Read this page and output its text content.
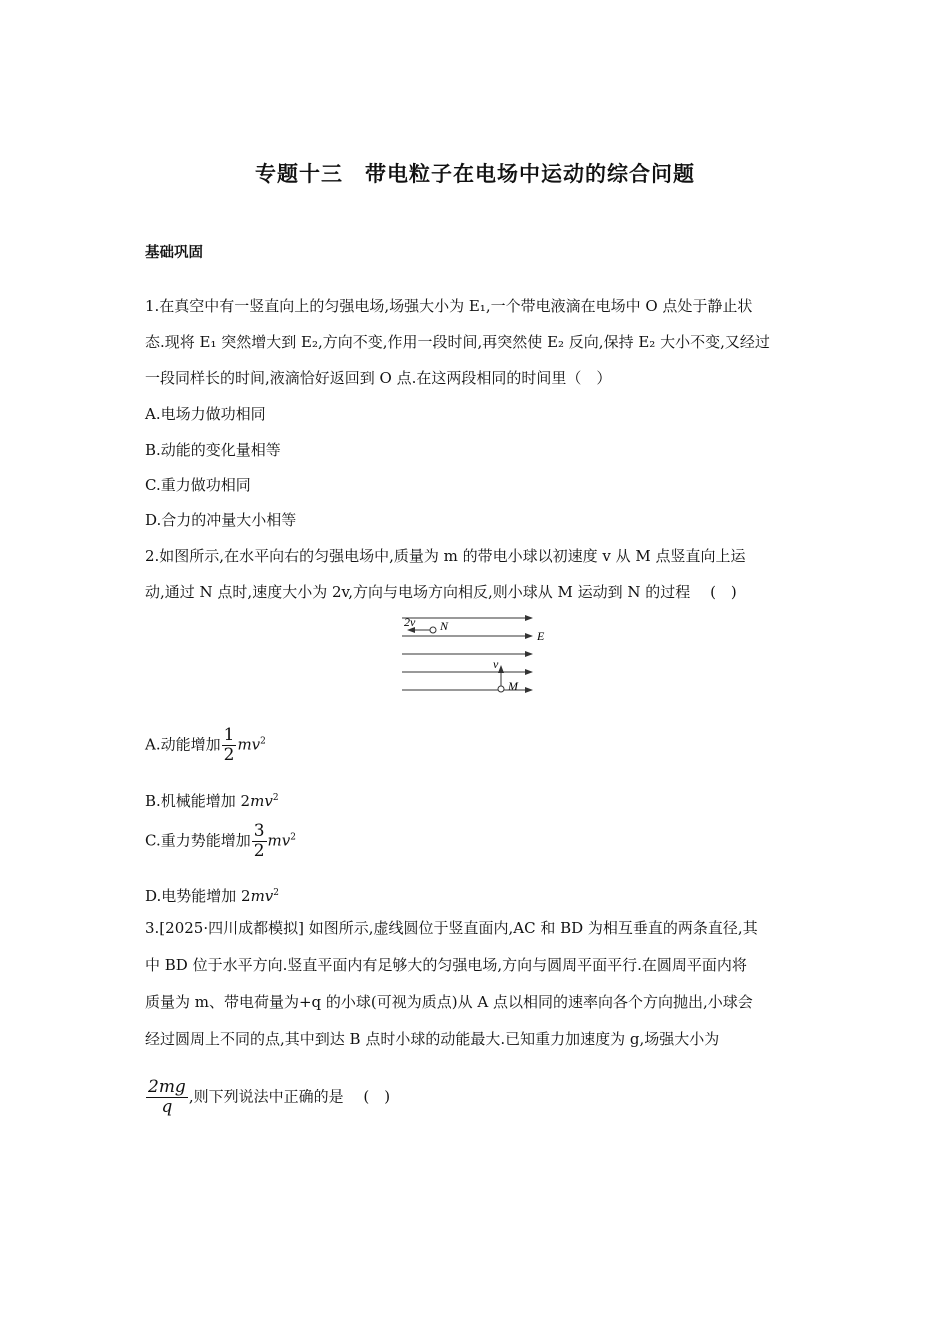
专题十三　带电粒子在电场中运动的综合问题
基础巩固
1.在真空中有一竖直向上的匀强电场,场强大小为 E₁,一个带电液滴在电场中 O 点处于静止状
态.现将 E₁ 突然增大到 E₂,方向不变,作用一段时间,再突然使 E₂ 反向,保持 E₂ 大小不变,又经过
一段同样长的时间,液滴恰好返回到 O 点.在这两段相同的时间里（　）
A.电场力做功相同
B.动能的变化量相等
C.重力做功相同
D.合力的冲量大小相等
2.如图所示,在水平向右的匀强电场中,质量为 m 的带电小球以初速度 v 从 M 点竖直向上运
动,通过 N 点时,速度大小为 2v,方向与电场方向相反,则小球从 M 运动到 N 的过程　 (　)
2v N
E
v
M
A.动能增加 $\frac{1}{2} mv^2$
B.机械能增加 $2mv^2$
C.重力势能增加 $\frac{3}{2} mv^2$
D.电势能增加 $2mv^2$
3.[2025·四川成都模拟] 如图所示,虚线圆位于竖直面内,AC 和 BD 为相互垂直的两条直径,其
中 BD 位于水平方向.竖直平面内有足够大的匀强电场,方向与圆周平面平行.在圆周平面内将
质量为 m、带电荷量为+q 的小球(可视为质点)从 A 点以相同的速率向各个方向抛出,小球会
经过圆周上不同的点,其中到达 B 点时小球的动能最大.已知重力加速度为 g,场强大小为
$\frac{2mg}{q}$ ,则下列说法中正确的是　 (　)
